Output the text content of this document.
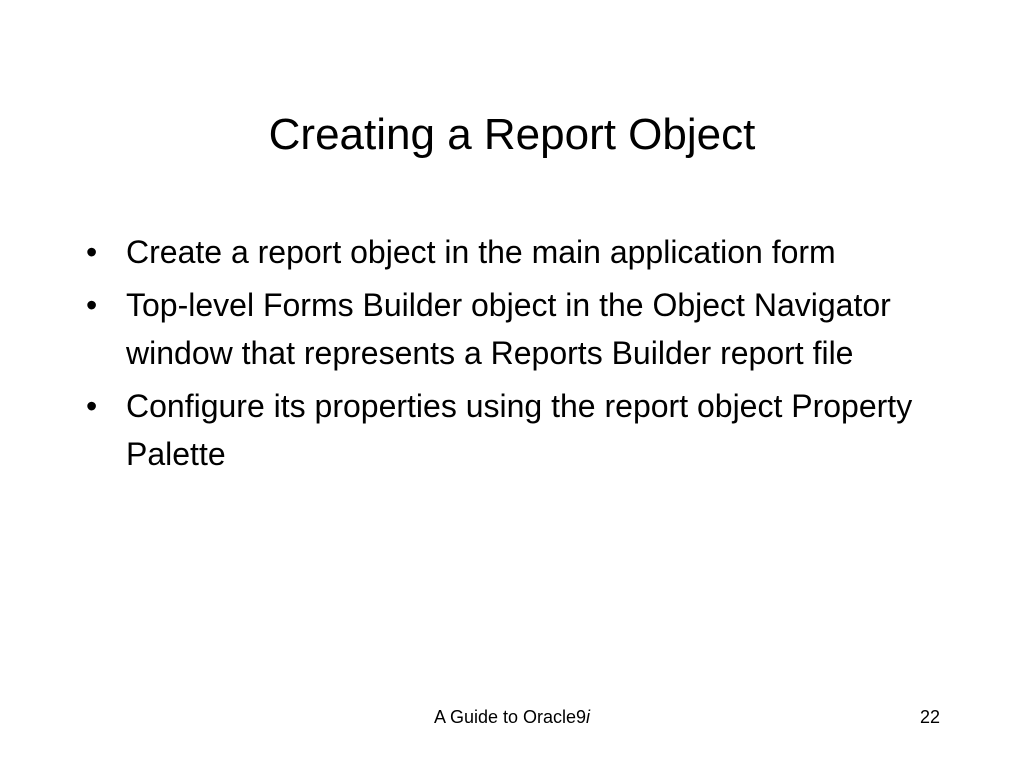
Creating a Report Object
• Create a report object in the main application form
• Top-level Forms Builder object in the Object Navigator window that represents a Reports Builder report file
• Configure its properties using the report object Property Palette
A Guide to Oracle9i	22
